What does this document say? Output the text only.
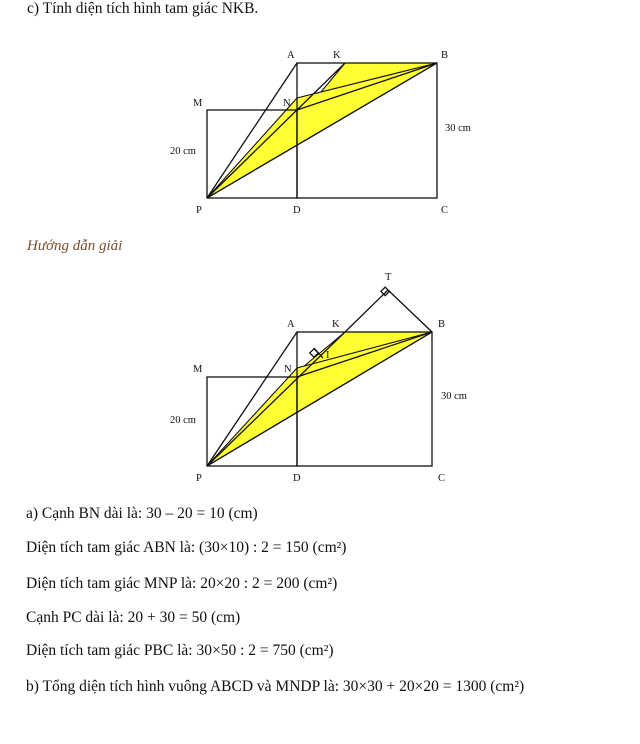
c) Tính diện tích hình tam giác NKB.
A	K	B
M	N
P	D	C
20 cm
30 cm
Hướng dẫn giải
T
A	K	B
I
M	N
P	D	C
20 cm
30 cm
a) Cạnh BN dài là: 30 – 20 = 10 (cm)
Diện tích tam giác ABN là: (30×10) : 2 = 150 (cm²)
Diện tích tam giác MNP là: 20×20 : 2 = 200 (cm²)
Cạnh PC dài là: 20 + 30 = 50 (cm)
Diện tích tam giác PBC là: 30×50 : 2 = 750 (cm²)
b) Tổng diện tích hình vuông ABCD và MNDP là: 30×30 + 20×20 = 1300 (cm²)
